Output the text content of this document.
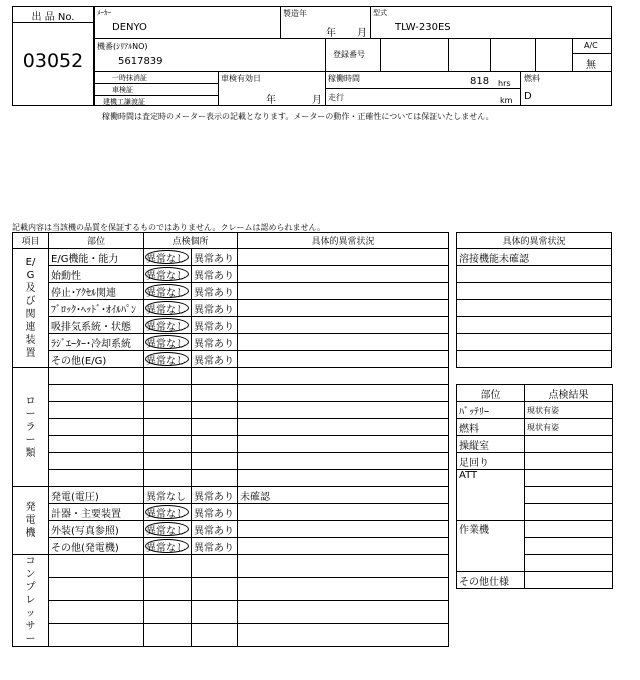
出 品 No.
03052
ﾒｰｶｰ
DENYO
製造年
年 月
型式
TLW-230ES
機番(ｼﾘｱﾙNO)
5617839
登録番号
A/C
無
一時抹消証
車検証
建機工謙渡証
車検有効日
年	月
稼働時間	818 hrs
走行	km
燃料
D
稼働時間は査定時のメーター表示の記載となります。メーターの動作・正確性については保証いたしません。
記載内容は当該機の品質を保証するものではありません。クレームは認められません。
項目	部位	点検個所		具体的異常状況

E/G及び関連装置	E/G機能・能力	異常なし	異常あり	
	始動性	異常なし	異常あり	
	停止･ｱｸｾﾙ関連	異常なし	異常あり	
	ﾌﾞﾛｯｸ･ﾍｯﾄﾞ･ｵｲﾙﾊﾟﾝ	異常なし	異常あり	
	吸排気系統・状態	異常なし	異常あり	
	ﾗｼﾞｴｰﾀｰ･冷却系統	異常なし	異常あり	
	その他(E/G)	異常なし	異常あり	

ローラー類				

発電機	発電(電圧)	異常なし	異常あり	未確認
	計器・主要装置	異常なし	異常あり	
	外装(写真参照)	異常なし	異常あり	
	その他(発電機)	異常なし	異常あり	

コンプレッサー				

具体的異常状況
溶接機能未確認

部位	点検結果
ﾊﾞｯﾃﾘｰ	現状有姿
燃料	現状有姿
操縦室	
足回り	
ATT	

作業機	

その他仕様	
